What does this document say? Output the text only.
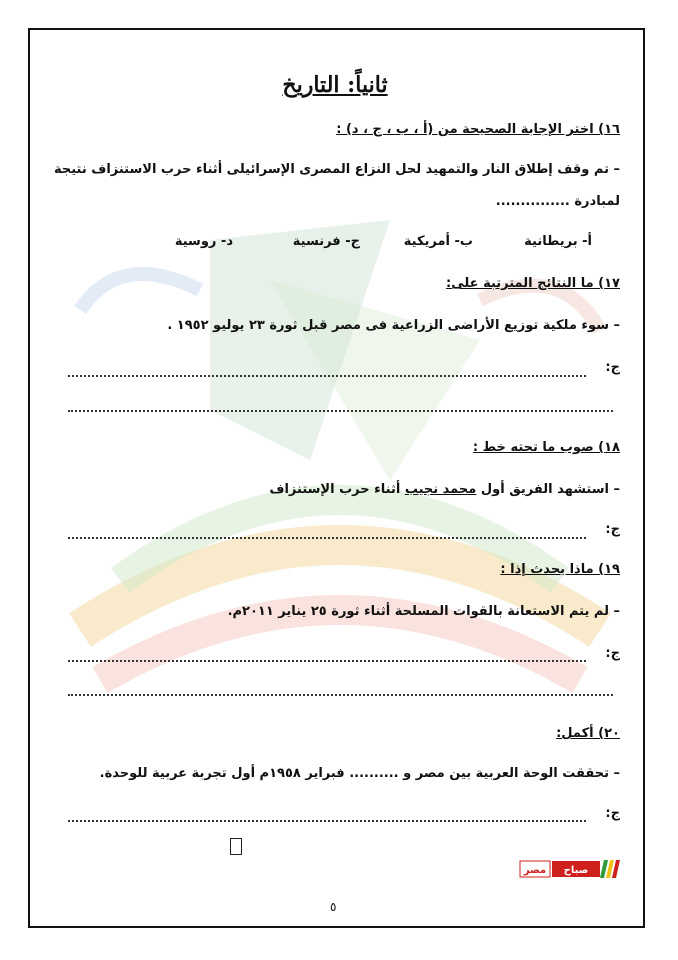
ثانياً: التاريخ
١٦) اختر الإجابة الصحيحة من (أ ، ب ، ج ، د) :
– تم وقف إطلاق النار والتمهيد لحل النزاع المصرى الإسرائيلى أثناء حرب الاستنزاف نتيجة
لمبادرة ...............
أ- بريطانية
ب- أمريكية
ج- فرنسية
د- روسية
١٧) ما النتائج المترتبة على:
– سوء ملكية توزيع الأراضى الزراعية فى مصر قبل ثورة ٢٣ يوليو ١٩٥٢ .
ج:
١٨) صوب ما تحته خط :
– استشهد الفريق أول محمد نجيب أثناء حرب الإستنزاف
ج:
١٩) ماذا يحدث إذا :
– لم يتم الاستعانة بالقوات المسلحة أثناء ثورة ٢٥ يناير ٢٠١١م.
ج:
٢٠) أكمل:
– تحققت الوحة العربية بين مصر و .......... فبراير ١٩٥٨م أول تجربة عربية للوحدة.
ج:
صباح
مصر
٥
